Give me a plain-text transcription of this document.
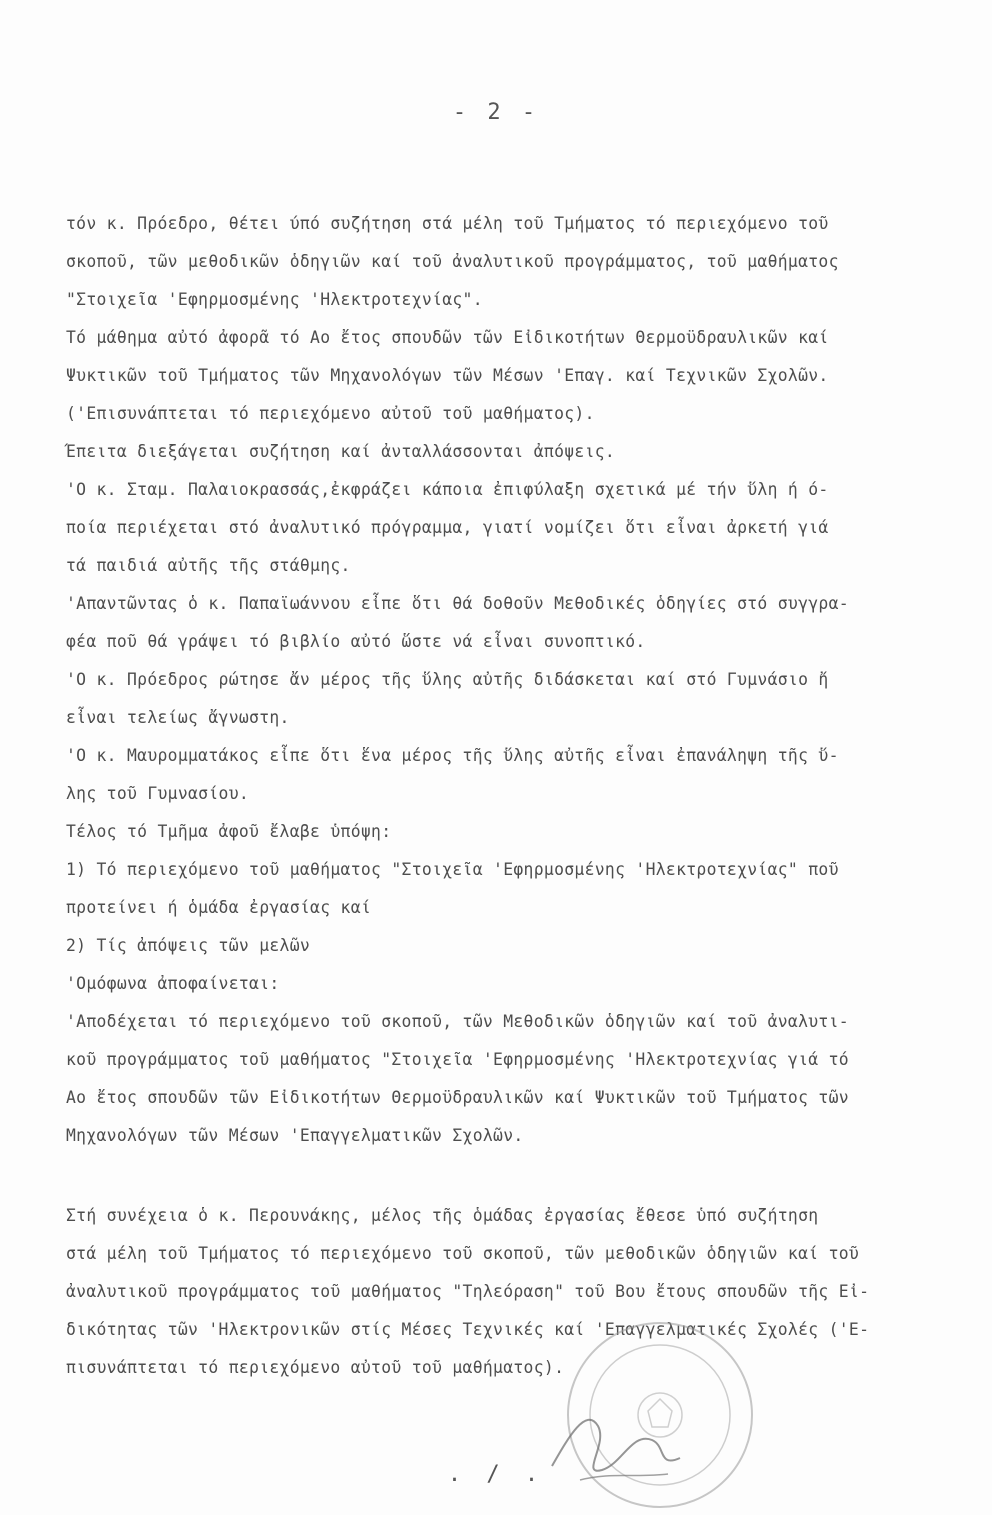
- 2 -
τόν κ. Πρόεδρο, θέτει ύπό συζήτηση στά μέλη τοῦ Τμήματος τό περιεχόμενο τοῦ
σκοποῦ, τῶν μεθοδικῶν ὁδηγιῶν καί τοῦ ἀναλυτικοῦ προγράμματος, τοῦ μαθήματος
"Στοιχεῖα 'Εφηρμοσμένης 'Ηλεκτροτεχνίας".
Τό μάθημα αὐτό ἀφορᾶ τό Αο ἔτος σπουδῶν τῶν Εἰδικοτήτων Θερμοϋδραυλικῶν καί
Ψυκτικῶν τοῦ Τμήματος τῶν Μηχανολόγων τῶν Μέσων 'Επαγ. καί Τεχνικῶν Σχολῶν.
('Επισυνάπτεται τό περιεχόμενο αὐτοῦ τοῦ μαθήματος).
Έπειτα διεξάγεται συζήτηση καί ἀνταλλάσσονται ἀπόψεις.
'Ο κ. Σταμ. Παλαιοκρασσάς,ἐκφράζει κάποια ἐπιφύλαξη σχετικά μέ τήν ὕλη ή ό-
ποία περιέχεται στό ἀναλυτικό πρόγραμμα, γιατί νομίζει ὅτι εἶναι ἀρκετή γιά
τά παιδιά αὐτῆς τῆς στάθμης.
'Απαντῶντας ὁ κ. Παπαϊωάννου εἶπε ὅτι θά δοθοῦν Μεθοδικές ὁδηγίες στό συγγρα-
φέα ποῦ θά γράψει τό βιβλίο αὐτό ὥστε νά εἶναι συνοπτικό.
'Ο κ. Πρόεδρος ρώτησε ἄν μέρος τῆς ὕλης αὐτῆς διδάσκεται καί στό Γυμνάσιο ἤ
εἶναι τελείως ἄγνωστη.
'Ο κ. Μαυρομματάκος εἶπε ὅτι ἕνα μέρος τῆς ὕλης αὐτῆς εἶναι ἐπανάληψη τῆς ὕ-
λης τοῦ Γυμνασίου.
Τέλος τό Τμῆμα ἀφοῦ ἔλαβε ὑπόψη:
1) Τό περιεχόμενο τοῦ μαθήματος "Στοιχεῖα 'Εφηρμοσμένης 'Ηλεκτροτεχνίας" ποῦ
προτείνει ή ὁμάδα ἐργασίας καί
2) Τίς ἀπόψεις τῶν μελῶν
'Ομόφωνα ἀποφαίνεται:
'Αποδέχεται τό περιεχόμενο τοῦ σκοποῦ, τῶν Μεθοδικῶν ὁδηγιῶν καί τοῦ ἀναλυτι-
κοῦ προγράμματος τοῦ μαθήματος "Στοιχεῖα 'Εφηρμοσμένης 'Ηλεκτροτεχνίας γιά τό
Αο ἔτος σπουδῶν τῶν Εἰδικοτήτων Θερμοϋδραυλικῶν καί Ψυκτικῶν τοῦ Τμήματος τῶν
Μηχανολόγων τῶν Μέσων 'Επαγγελματικῶν Σχολῶν.
Στή συνέχεια ὁ κ. Περουνάκης, μέλος τῆς ὁμάδας ἐργασίας ἔθεσε ὑπό συζήτηση
στά μέλη τοῦ Τμήματος τό περιεχόμενο τοῦ σκοποῦ, τῶν μεθοδικῶν ὁδηγιῶν καί τοῦ
ἀναλυτικοῦ προγράμματος τοῦ μαθήματος "Τηλεόραση" τοῦ Βου ἔτους σπουδῶν τῆς Εἰ-
δικότητας τῶν 'Ηλεκτρονικῶν στίς Μέσες Τεχνικές καί 'Επαγγελματικές Σχολές ('Ε-
πισυνάπτεται τό περιεχόμενο αὐτοῦ τοῦ μαθήματος).
. / .
